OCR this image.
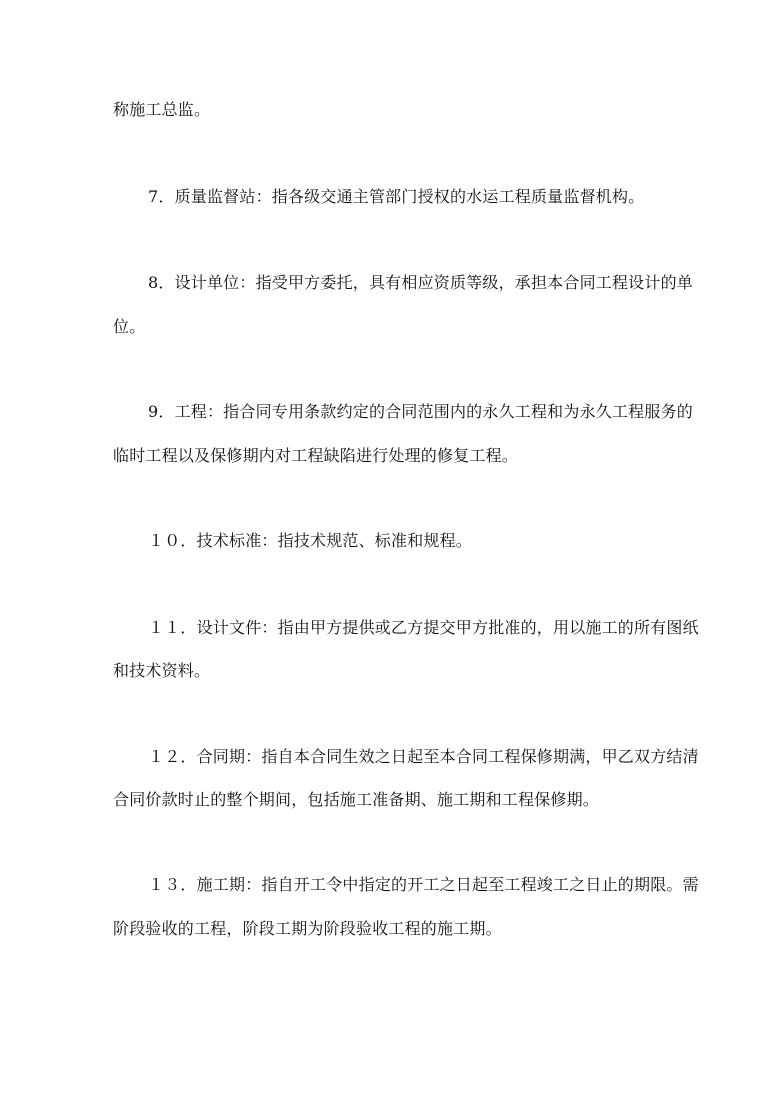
称施工总监。

7．质量监督站：指各级交通主管部门授权的水运工程质量监督机构。

8．设计单位：指受甲方委托，具有相应资质等级，承担本合同工程设计的单

位。

9．工程：指合同专用条款约定的合同范围内的永久工程和为永久工程服务的

临时工程以及保修期内对工程缺陷进行处理的修复工程。

１０．技术标准：指技术规范、标准和规程。

１１．设计文件：指由甲方提供或乙方提交甲方批准的，用以施工的所有图纸

和技术资料。

１２．合同期：指自本合同生效之日起至本合同工程保修期满，甲乙双方结清

合同价款时止的整个期间，包括施工准备期、施工期和工程保修期。

１３．施工期：指自开工令中指定的开工之日起至工程竣工之日止的期限。需

阶段验收的工程，阶段工期为阶段验收工程的施工期。
